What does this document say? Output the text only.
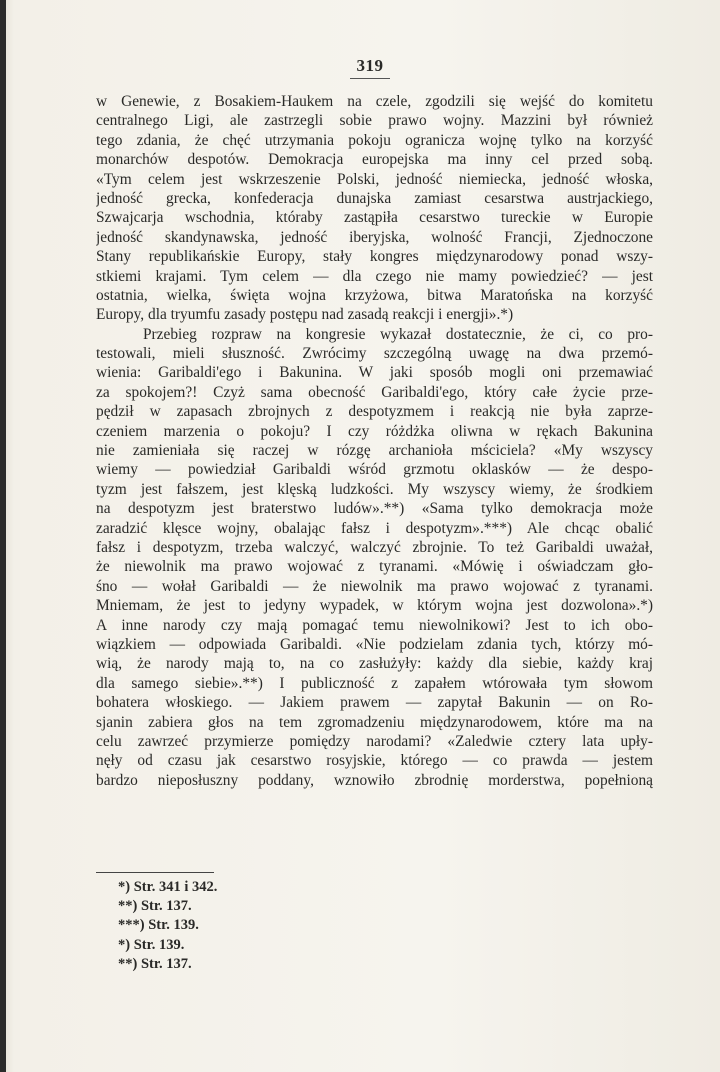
319
w Genewie, z Bosakiem-Haukem na czele, zgodzili się wejść do komitetu
centralnego Ligi, ale zastrzegli sobie prawo wojny. Mazzini był również
tego zdania, że chęć utrzymania pokoju ogranicza wojnę tylko na korzyść
monarchów despotów. Demokracja europejska ma inny cel przed sobą.
«Tym celem jest wskrzeszenie Polski, jedność niemiecka, jedność włoska,
jedność grecka, konfederacja dunajska zamiast cesarstwa austrjackiego,
Szwajcarja wschodnia, któraby zastąpiła cesarstwo tureckie w Europie
jedność skandynawska, jedność iberyjska, wolność Francji, Zjednoczone
Stany republikańskie Europy, stały kongres międzynarodowy ponad wszy-
stkiemi krajami. Tym celem — dla czego nie mamy powiedzieć? — jest
ostatnia, wielka, święta wojna krzyżowa, bitwa Maratońska na korzyść
Europy, dla tryumfu zasady postępu nad zasadą reakcji i energji».*)
Przebieg rozpraw na kongresie wykazał dostatecznie, że ci, co pro-
testowali, mieli słuszność. Zwrócimy szczególną uwagę na dwa przemó-
wienia: Garibaldi'ego i Bakunina. W jaki sposób mogli oni przemawiać
za spokojem?! Czyż sama obecność Garibaldi'ego, który całe życie prze-
pędził w zapasach zbrojnych z despotyzmem i reakcją nie była zaprze-
czeniem marzenia o pokoju? I czy różdżka oliwna w rękach Bakunina
nie zamieniała się raczej w rózgę archanioła mściciela? «My wszyscy
wiemy — powiedział Garibaldi wśród grzmotu oklasków — że despo-
tyzm jest fałszem, jest klęską ludzkości. My wszyscy wiemy, że środkiem
na despotyzm jest braterstwo ludów».**) «Sama tylko demokracja może
zaradzić klęsce wojny, obalając fałsz i despotyzm».***) Ale chcąc obalić
fałsz i despotyzm, trzeba walczyć, walczyć zbrojnie. To też Garibaldi uważał,
że niewolnik ma prawo wojować z tyranami. «Mówię i oświadczam gło-
śno — wołał Garibaldi — że niewolnik ma prawo wojować z tyranami.
Mniemam, że jest to jedyny wypadek, w którym wojna jest dozwolona».*)
A inne narody czy mają pomagać temu niewolnikowi? Jest to ich obo-
wiązkiem — odpowiada Garibaldi. «Nie podzielam zdania tych, którzy mó-
wią, że narody mają to, na co zasłużyły: każdy dla siebie, każdy kraj
dla samego siebie».**) I publiczność z zapałem wtórowała tym słowom
bohatera włoskiego. — Jakiem prawem — zapytał Bakunin — on Ro-
sjanin zabiera głos na tem zgromadzeniu międzynarodowem, które ma na
celu zawrzeć przymierze pomiędzy narodami? «Zaledwie cztery lata upły-
nęły od czasu jak cesarstwo rosyjskie, którego — co prawda — jestem
bardzo nieposłuszny poddany, wznowiło zbrodnię morderstwa, popełnioną
*) Str. 341 i 342.
**) Str. 137.
***) Str. 139.
*) Str. 139.
**) Str. 137.
